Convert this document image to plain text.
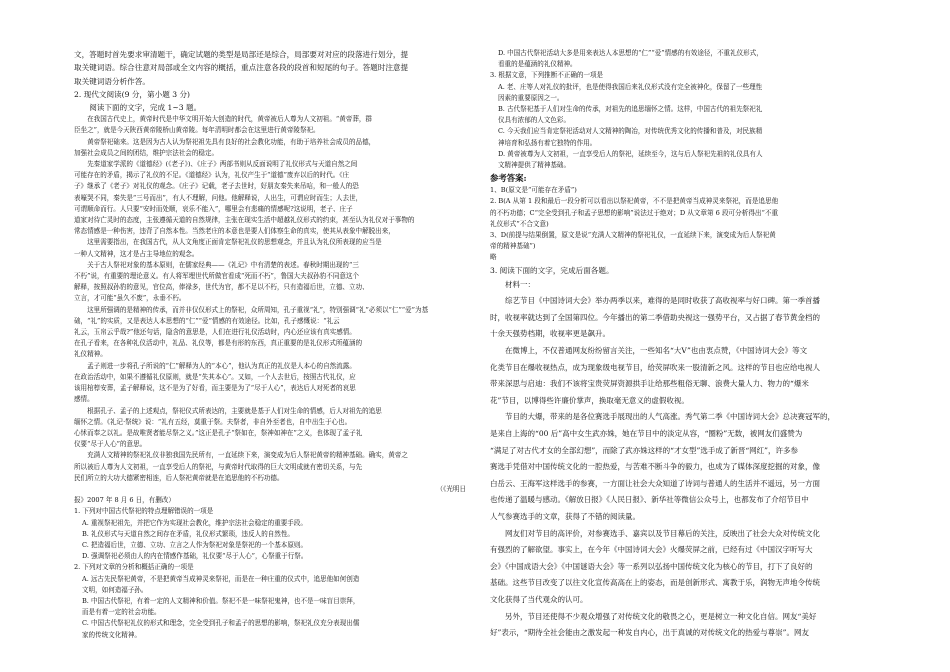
文，答题时首先要求审清题干，确定试题的类型是局部还是综合，局部要对对应的段落进行划分，提
取关键词语。综合往意对局部或全文内容的概括，重点注意各段的段首和短尾的句子。答题时注意提
取关键词语分析作答。
2. 现代文阅读(9 分，第小题 3 分)
阅读下面的文字，完成 1~3 题。
在我国古代史上，黄帝时代是中华文明开始大创造的时代，黄帝被后人尊为人文初祖。“黄帝葬，群
臣坐之”，就是今天陕西黄帝陵桥山黄帝陵。每年清明时都会在这里进行黄帝陵祭祀。
黄帝祭祀础来。这是因为古人认为祭祀祖先具有良好的社会教化功能，有助于培养社会成员的品德，
加强社会成员之间的团结，维护宗法社会的稳定。
先秦道家学派的《道德经》(《老子》)、《庄子》两部书则从反面说明了礼仪形式与天道自然之间
可能存在的矛盾，揭示了礼仪的不足。《道德经》认为，礼仪产生于“道德”废弃以后的时代。《庄
子》继承了《老子》对礼仪的观念。《庄子》记载，老子去世时，好朋友秦失来吊唁，和一般人的恐
表嚎哭不同，秦失是“三号而出”，有人不理解，问他。他解释说，人出生，可谓应时而生；人去世，
可谓顺命而行。人只要“安时而处顺，哀乐不能入”，哪里会有悲痛的情感呢?这说明，老子、庄子
道家对待亡灵时的态度，主张遵循天道的自然规律，主张在现实生活中超越礼仪形式的约束，甚至认为礼仪对于事物的
常态情感是一种伤害，违背了自然本性。当然老庄的本意也是要人们体察生命的真实，使其从表象中解脱出来，
这里需要指出，在我国古代，从人文角度正面肯定祭祀礼仪的思想观念，并且认为礼仪所表现的应当是
一种人文精神，这才是占主导地位的观念。
关于古人祭祀对象的基本原则，在儒家经典——《礼记》中有清楚的表述。春秋时期出现的“三
不朽”说，有重要的理论意义。有人将军埋世代所做官看成“死而不朽”，鲁国大夫叔孙豹不同意这个
解释，按照叔孙豹的意见，官位高，俸禄多，世代为官，都不足以不朽，只有造福后世，立德、立功、
立言，才可能“虽久不废”，永垂不朽。
这里所强调的是精神的传承，而并非仅仅形式上的祭祀，众所周知，孔子重视“礼”，特别强调“礼”必须以“仁”“爱”为基
础，“礼”的实质，又是表达人本思想的“仁”“爱”情感的有效途径。比如，孔子感慨说：“礼云
礼云，玉帛云乎哉?”他还句话，隐含的意思是，人们在进行礼仪活动时，内心还应该有真实感情。
在孔子看来，在各种礼仪活动中，礼品、礼仪等，都是有形的东西，真正重要的是礼仪形式所蕴涵的
礼仪精神。
孟子则进一步将孔子所说的“仁”解释为人的“本心”，他认为真正的礼仪是人本心的自然流露。
在政治活动中，如果不遵循礼仪原则，就是“失其本心”。又如，一个人去世后，按照古代礼仪，应
该用棺椁安葬，孟子解释说，这不是为了好看，而主要是为了“尽于人心”，表达后人对死者的哀思
感情。
根据孔子、孟子的上述观点，祭祀仪式所表达的，主要就是基于人们对生命的情感，后人对祖先的追思
缅怀之情。《礼记·祭统》说：“礼有五经，莫重于祭。夫祭者，非自外至者也，自中出生于心也。
心怵而奉之以礼。是故唯贤者能尽祭之义。”这正是孔子“祭如在，祭神如神在”之义，也体现了孟子礼
仪要“尽于人心”的意思。
充满人文精神的祭祀礼仪非独我国先民所有，一直延续下来，演变成为后人祭祀黄帝的精神基础。确实，黄帝之
所以被后人尊为人文初祖，一直享受后人的祭祀，与黄帝时代取得的巨大文明成就有密切关系，与先
民们所立的大功大德紧密相连，后人祭祀黄帝就是在追思他的不朽功德。
（《光明日
报》2007 年 8 月 6 日，有删改）
1. 下列对中国古代祭祀的特点理解错误的一项是
A. 重视祭祀祖先，并把它作为实现社会教化，维护宗法社会稳定的重要手段。
B. 礼仪形式与天道自然之间存在矛盾，礼仪形式繁琐，违反人的自然性。
C. 把造福后世，立德、立功、立言之人作为祭祀对象是祭祀的一个基本原则。
D. 强调祭祀必须由人的内在情感作基础，礼仪要“尽于人心”，心祭重于行祭。
2. 下列对文章的分析和概括正确的一项是
A. 远古先民祭祀黄帝，不是把黄帝当成神灵来祭祀，而是在一种庄重的仪式中，追思他如何创造
文明，如何造福子孙。
B. 中国古代祭祀，有着一定的人文精神和价值。祭祀不是一味祭祀鬼神，也不是一味盲目崇拜，
而是有着一定的社会功能。
C. 中国古代祭祀礼仪的形式和理念，完全受到孔子和孟子的思想的影响，祭祀礼仪充分表现出儒
家的传统文化精神。
D. 中国古代祭祀活动大多是用来表达人本思想的“仁”“爱”情感的有效途径，不重礼仪形式，
看重的是蕴涵的礼仪精神。
3. 根据文意，下列推断不正确的一项是
A. 老、庄等人对礼仪的批评，也是使得我国后来礼仪形式没有完全被神化，保留了一些理性
因素的重要原因之一。
B. 古代祭祀基于人们对生命的传承，对祖先的追思缅怀之情。这样，中国古代的祖先祭祀礼
仪具有浓郁的人文色彩。
C. 今天我们应当肯定祭祀活动对人文精神的陶冶，对传统优秀文化的传播和普及，对民族精
神培育和弘扬有着它独特的作用。
D. 黄帝被尊为人文初祖，一直享受后人的祭祀，延续至今，这与后人祭祀先祖的礼仪具有人
文精神提供了精神基础。
参考答案:
1、B(原文是“可能存在矛盾”)
2. B(A 从第 1 段和最后一段分析可以看出以祭祀黄帝，不不是把黄帝当成神灵来祭祀，而是追思他
的不朽功德；C“完全受到孔子和孟子思想的影响”说法过于绝对；D 从文章第 6 段可分析得出“不重
礼仪形式”不合文意)
3、D(前提与结果倒置，原文是说“充满人文精神的祭祀礼仪，一直延续下来，演变成为后人祭祀黄
帝的精神基础”)
略
3. 阅读下面的文字，完成后面各题。
材料一：
综艺节目《中国诗词大会》举办两季以来，难得的是同时收获了高收视率与好口碑。第一季首播
时，收视率就达到了全国第四位。今年播出的第二季借助央视这一强势平台，又占据了春节黄金档的
十余天强势档期，收视率更是飙升。
在微博上，不仅普通网友纷纷留言关注，一些知名“大V”也由衷点赞，《中国诗词大会》等文
化类节目在爆收视热点，成为现象级电视节目，给荧屏吹来一股清新之风。这样的节目也应给电视人
带来深思与启迪：我们不该将宝贵荧屏资源拱手让给那些粗俗无聊、浪费大量人力、物力的“爆米
花”节目，以博得些许廉价掌声，换取毫无意义的虚假收视。
节目的大爆，带来的是各位赛选手展现出的人气高涨。秀气第二季《中国诗词大会》总决赛冠军的，
是来自上海的“00 后”高中女生武亦姝，她在节目中的淡定从容，“圈粉”无数，被网友们盛赞为
“满足了对古代才女的全部幻想”，而除了武亦姝这样的“才女型”选手成了新晋“网红”，许多参
赛选手凭借对中国传统文化的一腔热爱，与苦难不断斗争的毅力，也成为了媒体深度挖掘的对象，像
白岳云、王海军这样选手的参赛，一方面让社会大众知道了诗词与普通人的生活并不遥远，另一方面
也传递了温暖与感动。《解放日报》《人民日报》、新华社等微信公众号上，也都发布了介绍节目中
人气参赛选手的文章，获得了不错的阅读量。
网友们对节目的高评价，对参赛选手、嘉宾以及节目幕后的关注，反映出了社会大众对传统文化
有强烈的了解欲望。事实上，在今年《中国诗词大会》火爆荧屏之前，已经有过《中国汉字听写大
会》《中国成语大会》《中国谜语大会》等一系列以弘扬中国传统文化为核心的节目，打下了良好的
基础。这些节目改变了以往文化宣传高高在上的姿态，而是创新形式、寓教于乐，润物无声地令传统
文化获得了当代观众的认可。
另外，节目还使得不少观众增强了对传统文化的敬畏之心，更是树立一种文化自信。网友“美好
好”表示，“期待全社会能由之激发起一种发自内心，出于真诚的对传统文化的热爱与尊崇”。网友
